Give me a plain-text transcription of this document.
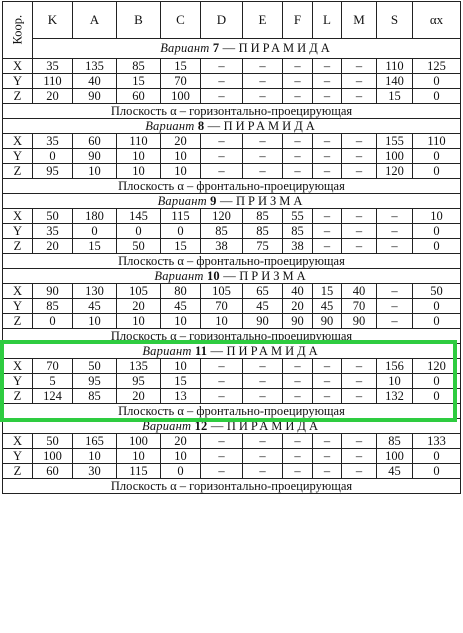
Коор.	K	A	B	C	D	E	F	L	M	S	αx
	Вариант 7 — ПИРАМИДА										
X	35	135	85	15	–	–	–	–	–	110	125
Y	110	40	15	70	–	–	–	–	–	140	0
Z	20	90	60	100	–	–	–	–	–	15	0
Плоскость α – горизонтально-проецирующая											
Вариант 8 — ПИРАМИДА											
X	35	60	110	20	–	–	–	–	–	155	110
Y	0	90	10	10	–	–	–	–	–	100	0
Z	95	10	10	10	–	–	–	–	–	120	0
Плоскость α – фронтально-проецирующая											
Вариант 9 — ПРИЗМА											
X	50	180	145	115	120	85	55	–	–	–	10
Y	35	0	0	0	85	85	85	–	–	–	0
Z	20	15	50	15	38	75	38	–	–	–	0
Плоскость α – фронтально-проецирующая											
Вариант 10 — ПРИЗМА											
X	90	130	105	80	105	65	40	15	40	–	50
Y	85	45	20	45	70	45	20	45	70	–	0
Z	0	10	10	10	10	90	90	90	90	–	0
Плоскость α – горизонтально-проецирующая											
Вариант 11 — ПИРАМИДА											
X	70	50	135	10	–	–	–	–	–	156	120
Y	5	95	95	15	–	–	–	–	–	10	0
Z	124	85	20	13	–	–	–	–	–	132	0
Плоскость α – фронтально-проецирующая											
Вариант 12 — ПИРАМИДА											
X	50	165	100	20	–	–	–	–	–	85	133
Y	100	10	10	10	–	–	–	–	–	100	0
Z	60	30	115	0	–	–	–	–	–	45	0
Плоскость α – горизонтально-проецирующая											
